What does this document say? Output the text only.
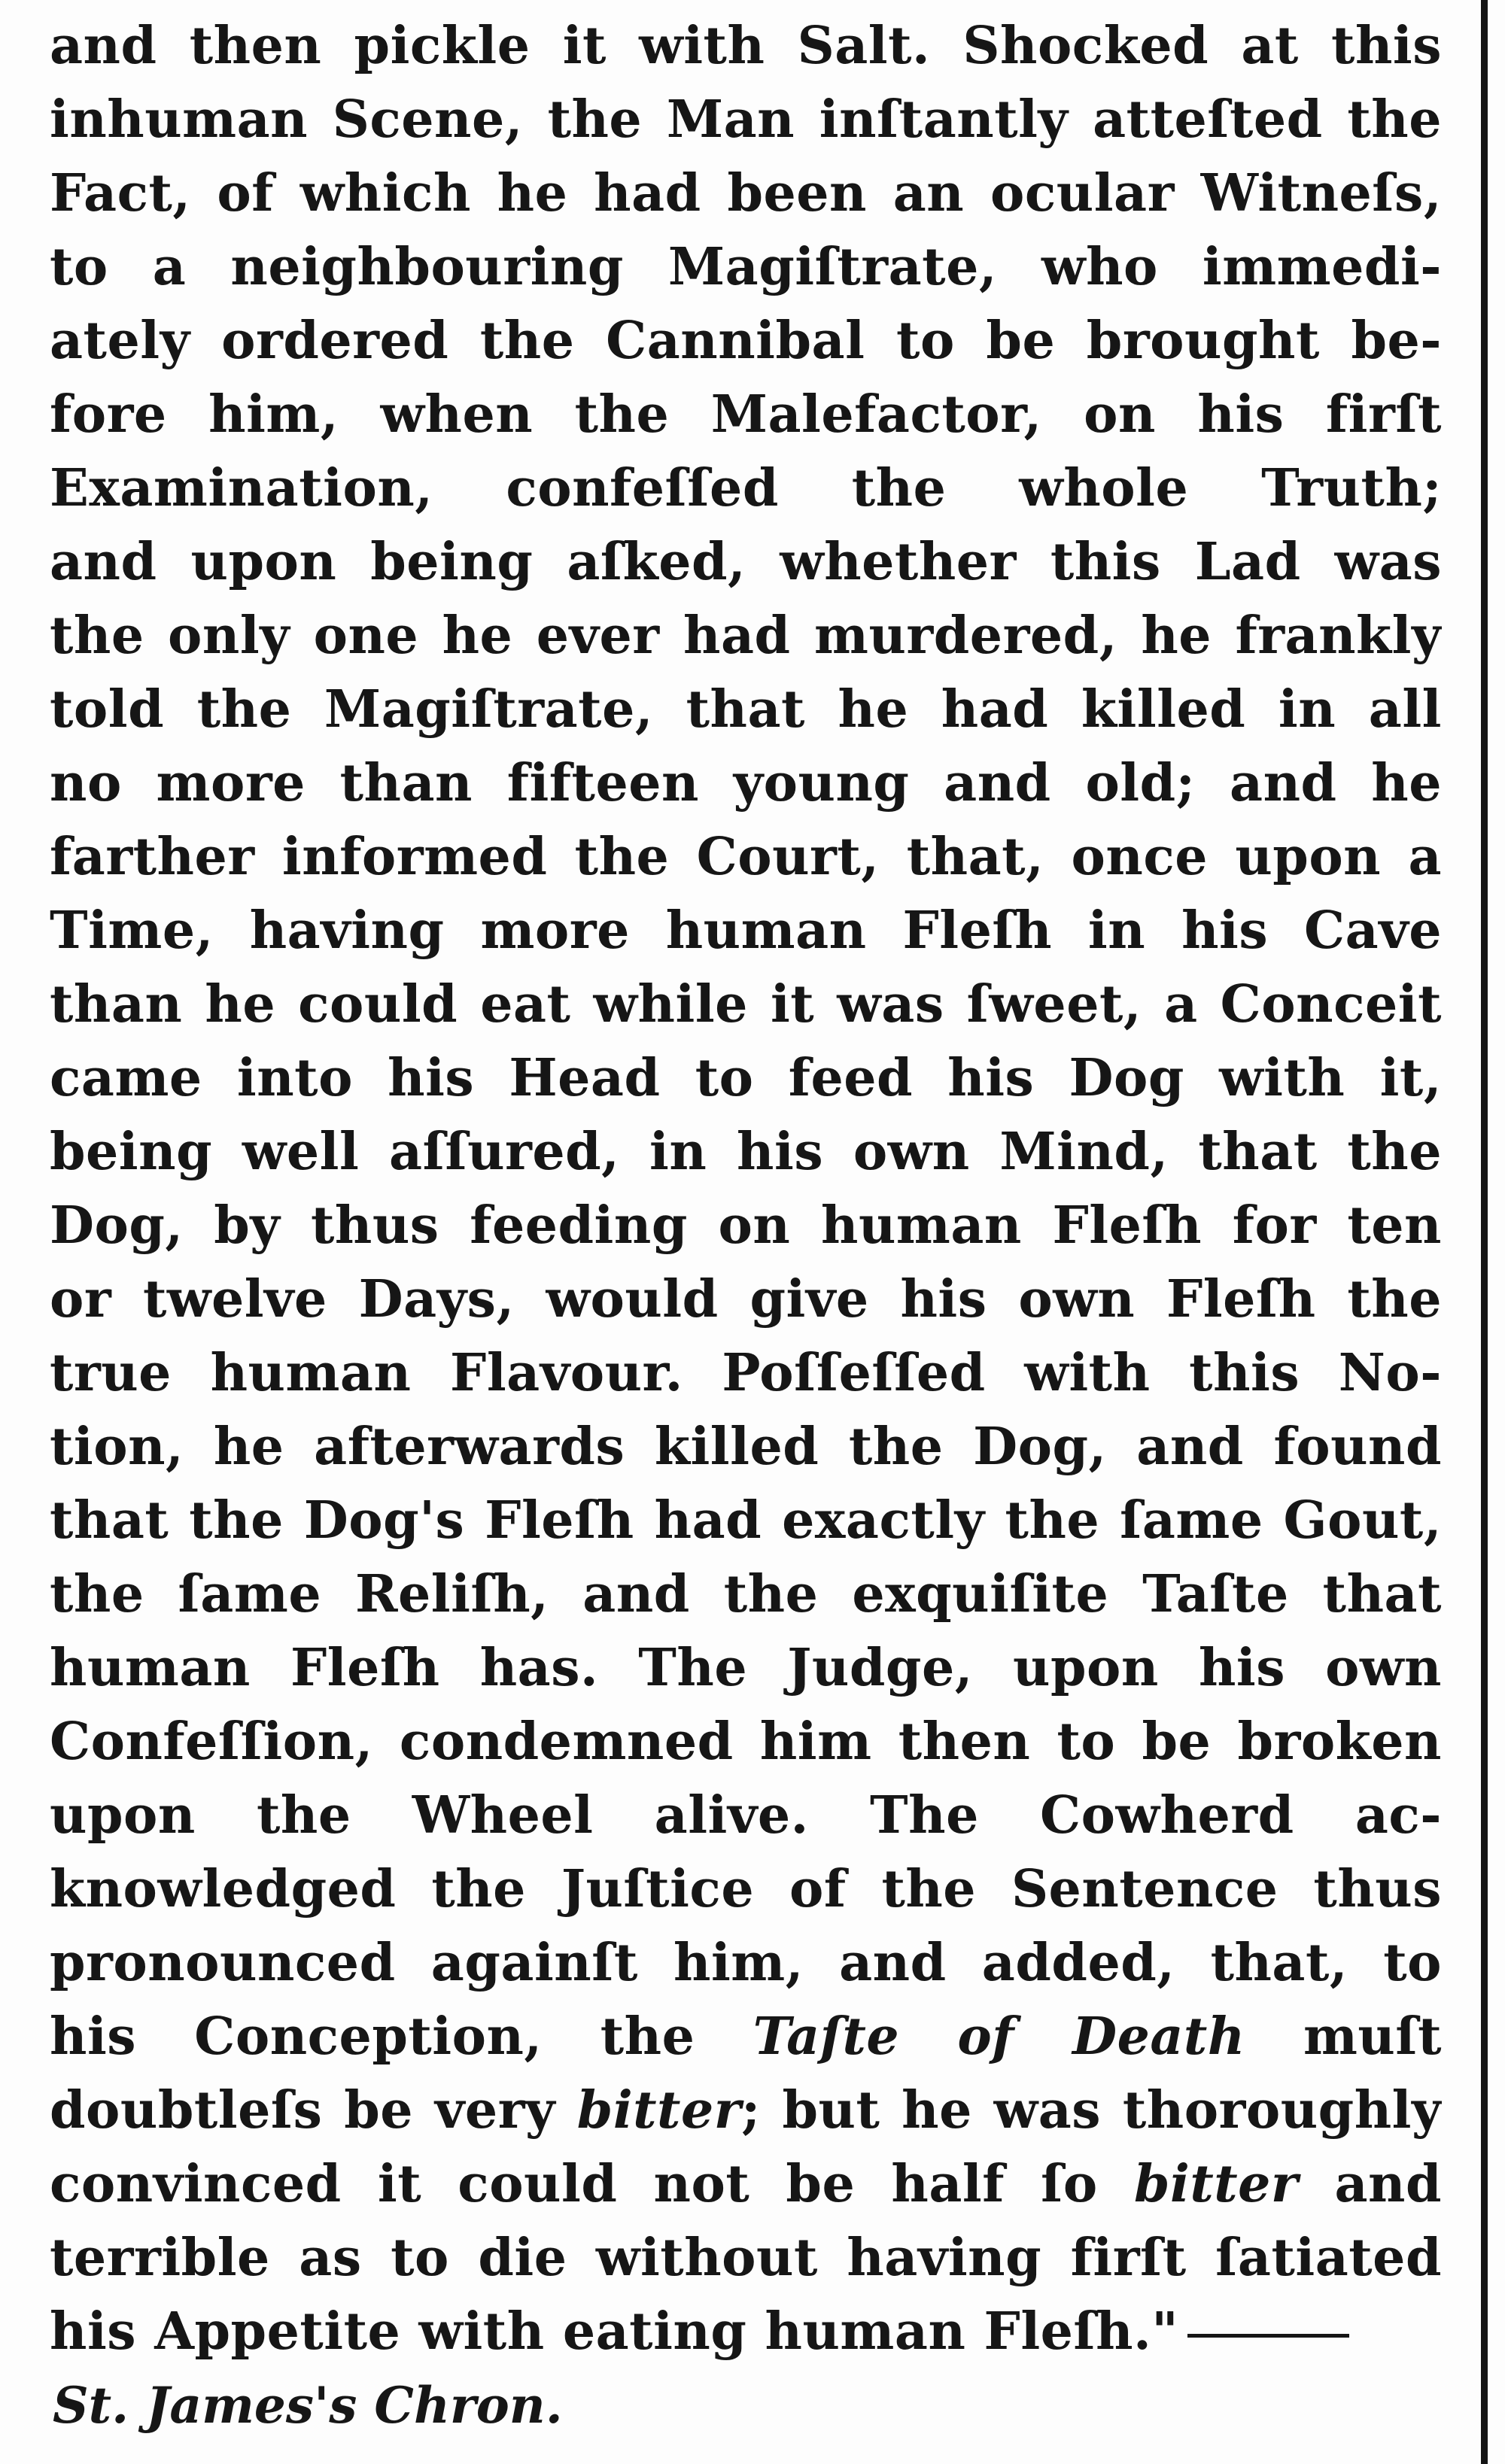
and then pickle it with Salt. Shocked at this
inhuman Scene, the Man inſtantly atteſted the
Fact, of which he had been an ocular Witneſs,
to a neighbouring Magiſtrate, who immedi-
ately ordered the Cannibal to be brought be-
fore him, when the Malefactor, on his firſt
Examination, confeſſed the whole Truth;
and upon being aſked, whether this Lad was
the only one he ever had murdered, he frankly
told the Magiſtrate, that he had killed in all
no more than fifteen young and old; and he
farther informed the Court, that, once upon a
Time, having more human Fleſh in his Cave
than he could eat while it was ſweet, a Conceit
came into his Head to feed his Dog with it,
being well aſſured, in his own Mind, that the
Dog, by thus feeding on human Fleſh for ten
or twelve Days, would give his own Fleſh the
true human Flavour. Poſſeſſed with this No-
tion, he afterwards killed the Dog, and found
that the Dog's Fleſh had exactly the ſame Gout,
the ſame Reliſh, and the exquiſite Taſte that
human Fleſh has. The Judge, upon his own
Confeſſion, condemned him then to be broken
upon the Wheel alive. The Cowherd ac-
knowledged the Juſtice of the Sentence thus
pronounced againſt him, and added, that, to
his Conception, the Taſte of Death muſt
doubtleſs be very bitter; but he was thoroughly
convinced it could not be half ſo bitter and
terrible as to die without having firſt ſatiated
his Appetite with eating human Fleſh."
St. James's Chron.
